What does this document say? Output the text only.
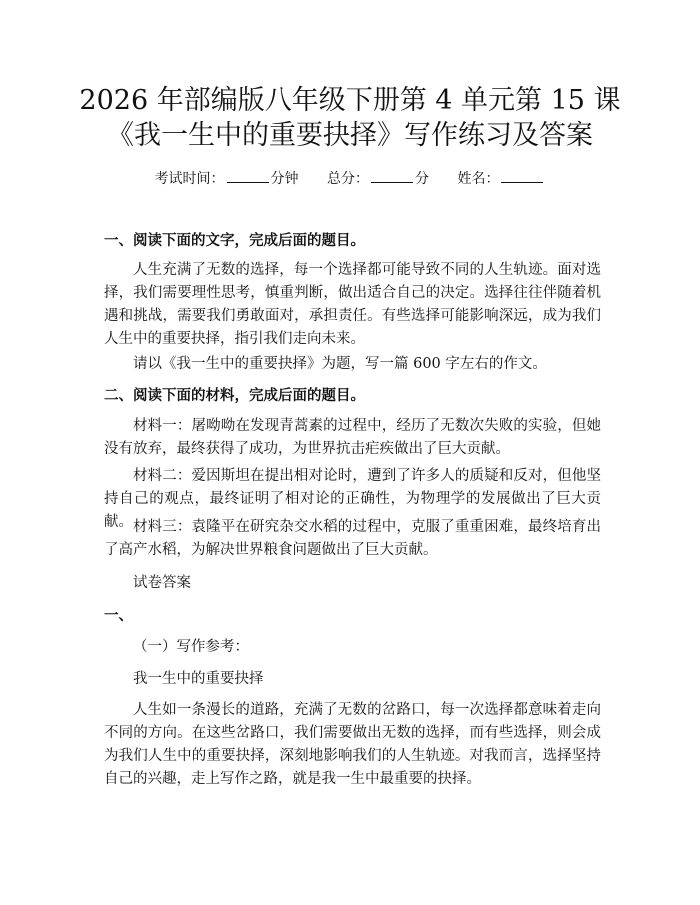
2026 年部编版八年级下册第 4 单元第 15 课
《我一生中的重要抉择》写作练习及答案
考试时间：	分钟 总分：	分 姓名：
一、阅读下面的文字，完成后面的题目。
人生充满了无数的选择，每一个选择都可能导致不同的人生轨迹。面对选择，我们需要理性思考，慎重判断，做出适合自己的决定。选择往往伴随着机遇和挑战，需要我们勇敢面对，承担责任。有些选择可能影响深远，成为我们人生中的重要抉择，指引我们走向未来。
请以《我一生中的重要抉择》为题，写一篇 600 字左右的作文。
二、阅读下面的材料，完成后面的题目。
材料一：屠呦呦在发现青蒿素的过程中，经历了无数次失败的实验，但她没有放弃，最终获得了成功，为世界抗击疟疾做出了巨大贡献。
材料二：爱因斯坦在提出相对论时，遭到了许多人的质疑和反对，但他坚持自己的观点，最终证明了相对论的正确性，为物理学的发展做出了巨大贡献。 材料三：袁隆平在研究杂交水稻的过程中，克服了重重困难，最终培育出了高产水稻，为解决世界粮食问题做出了巨大贡献。
试卷答案
一、
（一）写作参考：
我一生中的重要抉择
人生如一条漫长的道路，充满了无数的岔路口，每一次选择都意味着走向不同的方向。在这些岔路口，我们需要做出无数的选择，而有些选择，则会成为我们人生中的重要抉择，深刻地影响我们的人生轨迹。对我而言，选择坚持自己的兴趣，走上写作之路，就是我一生中最重要的抉择。
